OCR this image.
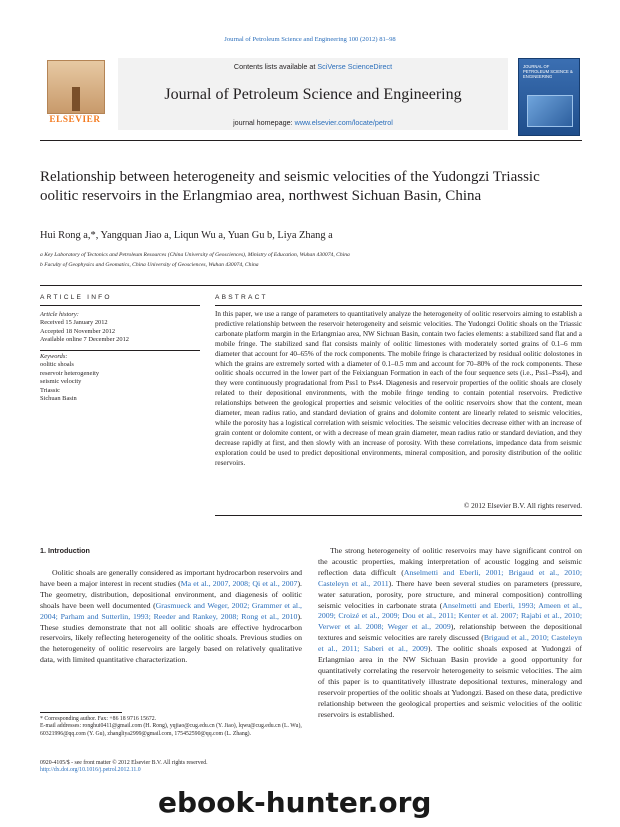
Journal of Petroleum Science and Engineering 100 (2012) 81–98
ELSEVIER
Contents lists available at SciVerse ScienceDirect
Journal of Petroleum Science and Engineering
journal homepage: www.elsevier.com/locate/petrol
JOURNAL OF PETROLEUM SCIENCE & ENGINEERING
Relationship between heterogeneity and seismic velocities of the Yudongzi Triassic oolitic reservoirs in the Erlangmiao area, northwest Sichuan Basin, China
Hui Rong a,*, Yangquan Jiao a, Liqun Wu a, Yuan Gu b, Liya Zhang a
a Key Laboratory of Tectonics and Petroleum Resources (China University of Geosciences), Ministry of Education, Wuhan 430074, China
b Faculty of Geophysics and Geomatics, China University of Geosciences, Wuhan 430074, China
ARTICLE INFO	ABSTRACT
Article history:
Received 15 January 2012
Accepted 18 November 2012
Available online 7 December 2012
Keywords:
oolitic shoals
reservoir heterogeneity
seismic velocity
Triassic
Sichuan Basin
In this paper, we use a range of parameters to quantitatively analyze the heterogeneity of oolitic reservoirs aiming to establish a predictive relationship between the reservoir heterogeneity and seismic velocities. The Yudongzi Oolitic shoals on the Triassic carbonate platform margin in the Erlangmiao area, NW Sichuan Basin, contain two facies elements: a stabilized sand flat and a mobile fringe. The stabilized sand flat consists mainly of oolitic limestones with moderately sorted grains of 0.1–6 mm diameter that account for 40–65% of the rock components. The mobile fringe is characterized by residual oolitic dolostones in which the grains are extremely sorted with a diameter of 0.1–0.5 mm and account for 70–80% of the rock components. These oolitic shoals occurred in the lower part of the Feixianguan Formation in each of the four sequence sets (i.e., Pss1–Pss4), and they were continuously progradational from Pss1 to Pss4. Diagenesis and reservoir properties of the oolitic shoals are closely related to their depositional environments, with the mobile fringe tending to contain potential reservoirs. Predictive relationships between the geological properties and seismic velocities of the oolitic reservoirs show that the content, mean diameter, mean radius ratio, and standard deviation of grains and dolomite content are linearly related to seismic velocities, while the porosity has a logistical correlation with seismic velocities. The seismic velocities decrease either with an increase of grain content or dolomite content, or with a decrease of mean grain diameter, mean radius ratio or standard deviation, and they decrease rapidly at first, and then slowly with an increase of porosity. With these correlations, impedance data from seismic exploration could be used to predict depositional environments, mineral composition, and porosity distribution of the oolitic reservoirs.
© 2012 Elsevier B.V. All rights reserved.
1. Introduction
Oolitic shoals are generally considered as important hydrocarbon reservoirs and have been a major interest in recent studies (Ma et al., 2007, 2008; Qi et al., 2007). The geometry, distribution, depositional environment, and diagenesis of oolitic shoals have been well documented (Grasmueck and Weger, 2002; Grammer et al., 2004; Parham and Sutterlin, 1993; Reeder and Rankey, 2008; Rong et al., 2010). These studies demonstrate that not all oolitic shoals are effective hydrocarbon reservoirs, likely reflecting heterogeneity of the oolitic shoals. Previous studies on the heterogeneity of oolitic reservoirs are largely based on relatively qualitative data, with limited quantitative characterization.
The strong heterogeneity of oolitic reservoirs may have significant control on the acoustic properties, making interpretation of acoustic logging and seismic reflection data difficult (Anselmetti and Eberli, 2001; Brigaud et al., 2010; Casteleyn et al., 2011). There have been several studies on parameters (pressure, water saturation, porosity, pore structure, and mineral composition) controlling seismic velocities in carbonate strata (Anselmetti and Eberli, 1993; Ameen et al., 2009; Croizé et al., 2009; Dou et al., 2011; Kenter et al. 2007; Rajabi et al., 2010; Verwer et al. 2008; Weger et al., 2009), relationship between the depositional textures and seismic velocities are rarely discussed (Brigaud et al., 2010; Casteleyn et al., 2011; Saberi et al., 2009). The oolitic shoals exposed at Yudongzi of Erlangmiao area in the NW Sichuan Basin provide a good opportunity for quantitatively correlating the reservoir heterogeneity to seismic velocities. The aim of this paper is to quantitatively illustrate depositional textures, mineralogy and reservoir properties of the oolitic shoals at Yudongzi. Based on these data, predictive relationship between the geological properties and seismic velocities of the oolitic reservoirs is established.
* Corresponding author. Fax: +86 18 9716 15672.
E-mail addresses: ronghui0411@gmail.com (H. Rong), yqjiao@cug.edu.cn (Y. Jiao), lqwu@cug.edu.cn (L. Wu), 60321996@qq.com (Y. Gu), zhangliya2999@gmail.com, 175452590@qq.com (L. Zhang).
0920-4105/$ - see front matter © 2012 Elsevier B.V. All rights reserved.
http://dx.doi.org/10.1016/j.petrol.2012.11.0
ebook-hunter.org
